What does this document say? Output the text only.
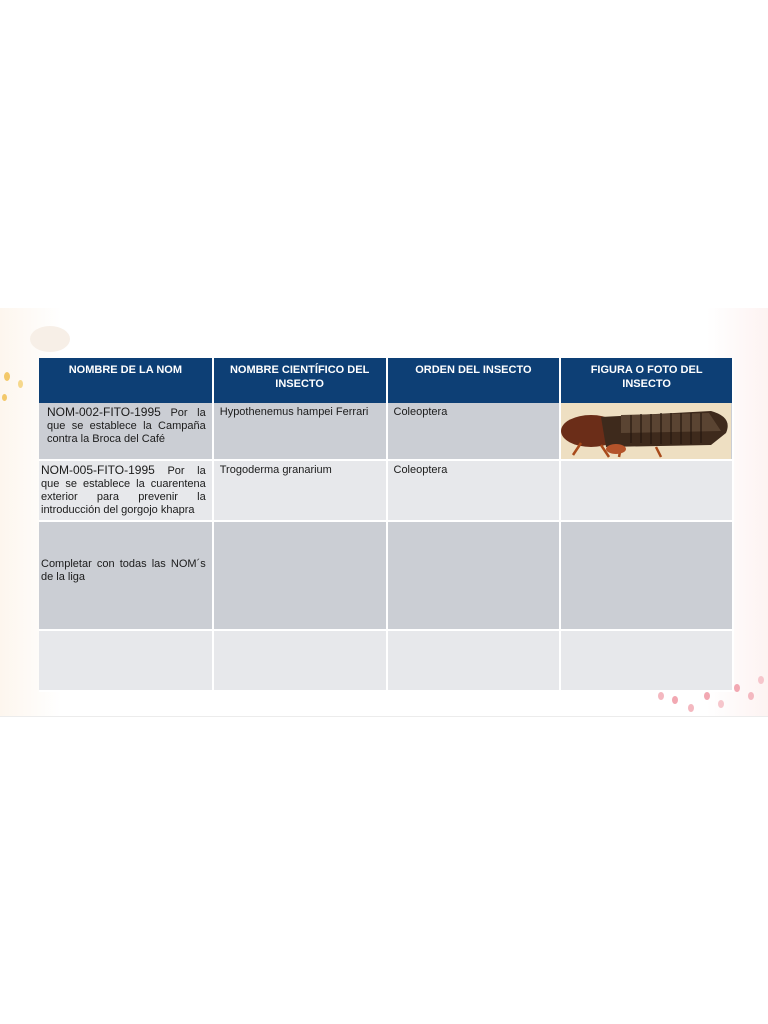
NOMBRE DE LA NOM	NOMBRE CIENTÍFICO DEL INSECTO	ORDEN DEL INSECTO	FIGURA O FOTO DEL INSECTO
NOM-002-FITO-1995 Por la que se establece la Campaña contra la Broca del Café	Hypothenemus hampei Ferrari	Coleoptera	

NOM-005-FITO-1995 Por la que se establece la cuarentena exterior para prevenir la introducción del gorgojo khapra	Trogoderma granarium	Coleoptera	
Completar con todas las NOM´s de la liga			
